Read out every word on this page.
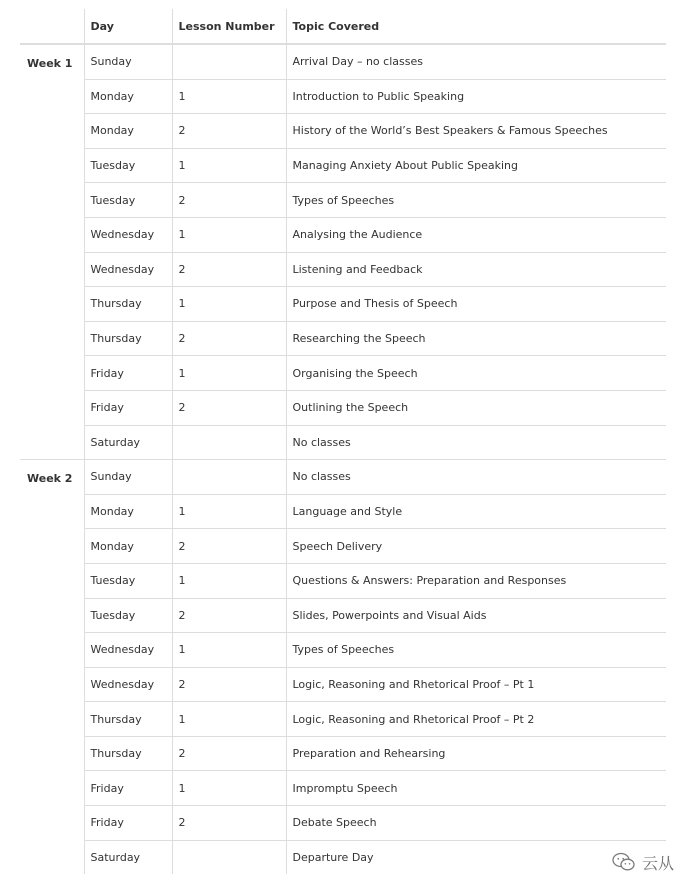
	Day	Lesson Number	Topic Covered
Week 1	Sunday		Arrival Day – no classes
	Monday	1	Introduction to Public Speaking
	Monday	2	History of the World’s Best Speakers & Famous Speeches
	Tuesday	1	Managing Anxiety About Public Speaking
	Tuesday	2	Types of Speeches
	Wednesday	1	Analysing the Audience
	Wednesday	2	Listening and Feedback
	Thursday	1	Purpose and Thesis of Speech
	Thursday	2	Researching the Speech
	Friday	1	Organising the Speech
	Friday	2	Outlining the Speech
	Saturday		No classes
Week 2	Sunday		No classes
	Monday	1	Language and Style
	Monday	2	Speech Delivery
	Tuesday	1	Questions & Answers: Preparation and Responses
	Tuesday	2	Slides, Powerpoints and Visual Aids
	Wednesday	1	Types of Speeches
	Wednesday	2	Logic, Reasoning and Rhetorical Proof – Pt 1
	Thursday	1	Logic, Reasoning and Rhetorical Proof – Pt 2
	Thursday	2	Preparation and Rehearsing
	Friday	1	Impromptu Speech
	Friday	2	Debate Speech
	Saturday		Departure Day	云从
